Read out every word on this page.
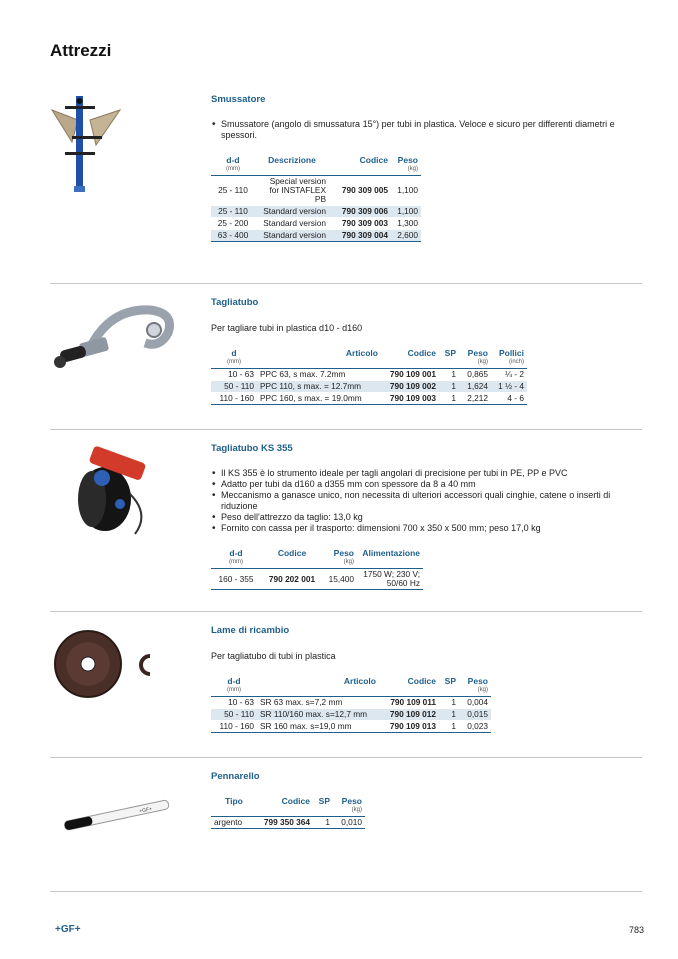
Attrezzi
Smussatore
• Smussatore (angolo di smussatura 15°) per tubi in plastica. Veloce e sicuro per differenti diametri e spessori.
d-d	Descrizione	Codice	Peso
(mm)			(kg)
25 - 110	Special version for INSTAFLEX PB	790 309 005	1,100
25 - 110	Standard version	790 309 006	1,100
25 - 200	Standard version	790 309 003	1,300
63 - 400	Standard version	790 309 004	2,600
Tagliatubo
Per tagliare tubi in plastica d10 - d160
d	Articolo	Codice	SP	Peso	Pollici
(mm)				(kg)	(inch)
10 - 63	PPC 63, s max. 7.2mm	790 109 001	1	0,865	¼ - 2
50 - 110	PPC 110, s max. = 12.7mm	790 109 002	1	1,624	1 ½ - 4
110 - 160	PPC 160, s max. = 19.0mm	790 109 003	1	2,212	4 - 6
Tagliatubo KS 355
• Il KS 355 è lo strumento ideale per tagli angolari di precisione per tubi in PE, PP e PVC
• Adatto per tubi da d160 a d355 mm con spessore da 8 a 40 mm
• Meccanismo a ganasce unico, non necessita di ulteriori accessori quali cinghie, catene o inserti di riduzione
• Peso dell'attrezzo da taglio: 13,0 kg
• Fornito con cassa per il trasporto: dimensioni 700 x 350 x 500 mm; peso 17,0 kg
d-d	Codice	Peso	Alimentazione
(mm)		(kg)	
160 - 355	790 202 001	15,400	1750 W; 230 V; 50/60 Hz
Lame di ricambio
Per tagliatubo di tubi in plastica
d-d	Articolo	Codice	SP	Peso
(mm)				(kg)
10 - 63	SR 63 max. s=7,2 mm	790 109 011	1	0,004
50 - 110	SR 110/160 max. s=12,7 mm	790 109 012	1	0,015
110 - 160	SR 160 max. s=19,0 mm	790 109 013	1	0,023
+GF+
Pennarello
Tipo	Codice	SP	Peso
			(kg)
argento	799 350 364	1	0,010
+GF+	783
